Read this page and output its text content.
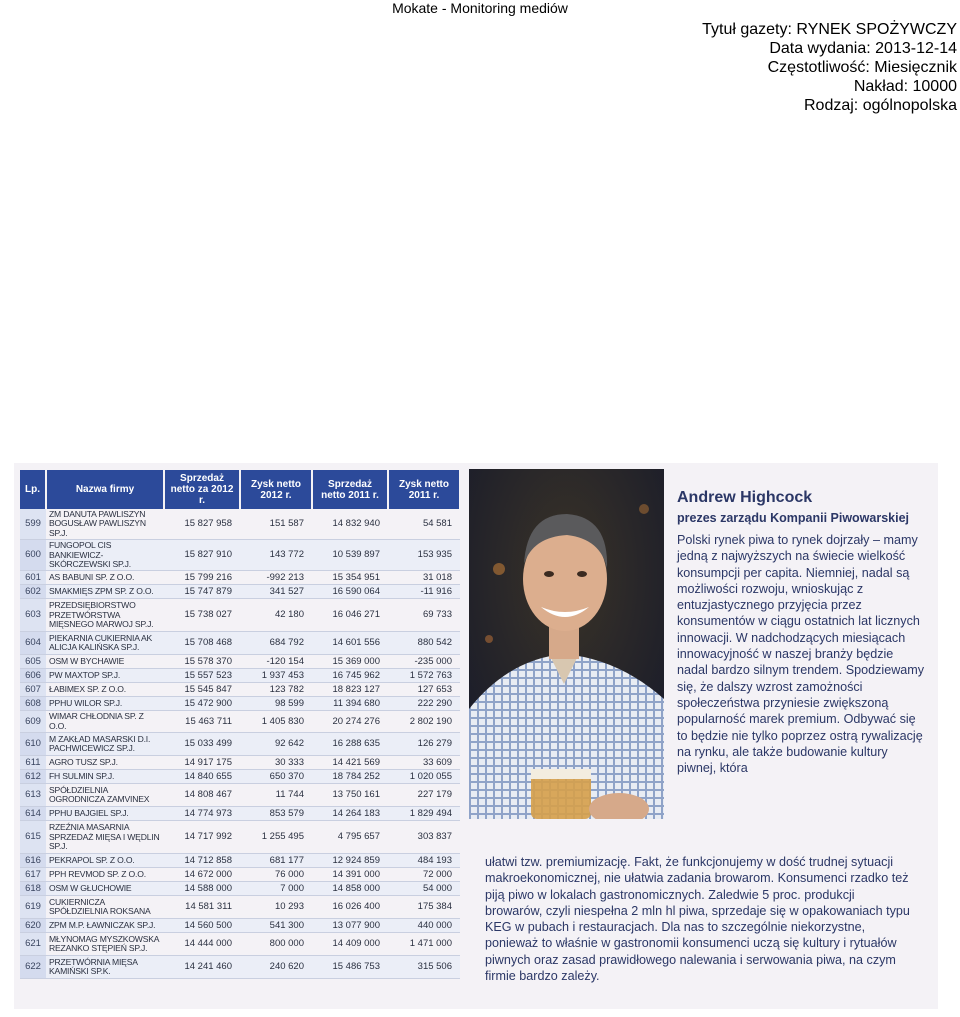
Mokate - Monitoring mediów
Tytuł gazety: RYNEK SPOŻYWCZY
Data wydania: 2013-12-14
Częstotliwość: Miesięcznik
Nakład: 10000
Rodzaj: ogólnopolska
Lp.	Nazwa firmy	Sprzedaż netto za 2012 r.	Zysk netto 2012 r.	Sprzedaż netto 2011 r.	Zysk netto 2011 r.
599	ZM DANUTA PAWLISZYN BOGUSŁAW PAWLISZYN SP.J.	15 827 958	151 587	14 832 940	54 581
600	FUNGOPOL CIS BANKIEWICZ-SKÓRCZEWSKI SP.J.	15 827 910	143 772	10 539 897	153 935
601	AS BABUNI SP. Z O.O.	15 799 216	-992 213	15 354 951	31 018
602	SMAKMIĘS ZPM SP. Z O.O.	15 747 879	341 527	16 590 064	-11 916
603	PRZEDSIĘBIORSTWO PRZETWÓRSTWA MIĘSNEGO MARWOJ SP.J.	15 738 027	42 180	16 046 271	69 733
604	PIEKARNIA CUKIERNIA AK ALICJA KALIŃSKA SP.J.	15 708 468	684 792	14 601 556	880 542
605	OSM W BYCHAWIE	15 578 370	-120 154	15 369 000	-235 000
606	PW MAXTOP SP.J.	15 557 523	1 937 453	16 745 962	1 572 763
607	ŁABIMEX SP. Z O.O.	15 545 847	123 782	18 823 127	127 653
608	PPHU WILOR SP.J.	15 472 900	98 599	11 394 680	222 290
609	WIMAR CHŁODNIA SP. Z O.O.	15 463 711	1 405 830	20 274 276	2 802 190
610	M ZAKŁAD MASARSKI D.I. PACHWICEWICZ SP.J.	15 033 499	92 642	16 288 635	126 279
611	AGRO TUSZ SP.J.	14 917 175	30 333	14 421 569	33 609
612	FH SULMIN SP.J.	14 840 655	650 370	18 784 252	1 020 055
613	SPÓŁDZIELNIA OGRODNICZA ZAMVINEX	14 808 467	11 744	13 750 161	227 179
614	PPHU BAJGIEL SP.J.	14 774 973	853 579	14 264 183	1 829 494
615	RZEŹNIA MASARNIA SPRZEDAŻ MIĘSA I WĘDLIN SP.J.	14 717 992	1 255 495	4 795 657	303 837
616	PEKRAPOL SP. Z O.O.	14 712 858	681 177	12 924 859	484 193
617	PPH REVMOD SP. Z O.O.	14 672 000	76 000	14 391 000	72 000
618	OSM W GŁUCHOWIE	14 588 000	7 000	14 858 000	54 000
619	CUKIERNICZA SPÓŁDZIELNIA ROKSANA	14 581 311	10 293	16 026 400	175 384
620	ZPM M.P. ŁAWNICZAK SP.J.	14 560 500	541 300	13 077 900	440 000
621	MŁYNOMAG MYSZKOWSKA REZANKO STĘPIEŃ SP.J.	14 444 000	800 000	14 409 000	1 471 000
622	PRZETWÓRNIA MIĘSA KAMIŃSKI SP.K.	14 241 460	240 620	15 486 753	315 506
Andrew Highcock
prezes zarządu Kompanii Piwowarskiej
Polski rynek piwa to rynek dojrzały – mamy jedną z najwyższych na świecie wielkość konsumpcji per capita. Niemniej, nadal są możliwości rozwoju, wnioskując z entuzjastycznego przyjęcia przez konsumentów w ciągu ostatnich lat licznych innowacji. W nadchodzących miesiącach innowacyjność w naszej branży będzie nadal bardzo silnym trendem. Spodziewamy się, że dalszy wzrost zamożności społeczeństwa przyniesie zwiększoną popularność marek premium. Odbywać się to będzie nie tylko poprzez ostrą rywalizację na rynku, ale także budowanie kultury piwnej, która
ułatwi tzw. premiumizację. Fakt, że funkcjonujemy w dość trudnej sytuacji makroekonomicznej, nie ułatwia zadania browarom. Konsumenci rzadko też piją piwo w lokalach gastronomicznych. Zaledwie 5 proc. produkcji browarów, czyli niespełna 2 mln hl piwa, sprzedaje się w opakowaniach typu KEG w pubach i restauracjach. Dla nas to szczególnie niekorzystne, ponieważ to właśnie w gastronomii konsumenci uczą się kultury i rytuałów piwnych oraz zasad prawidłowego nalewania i serwowania piwa, na czym firmie bardzo zależy.
